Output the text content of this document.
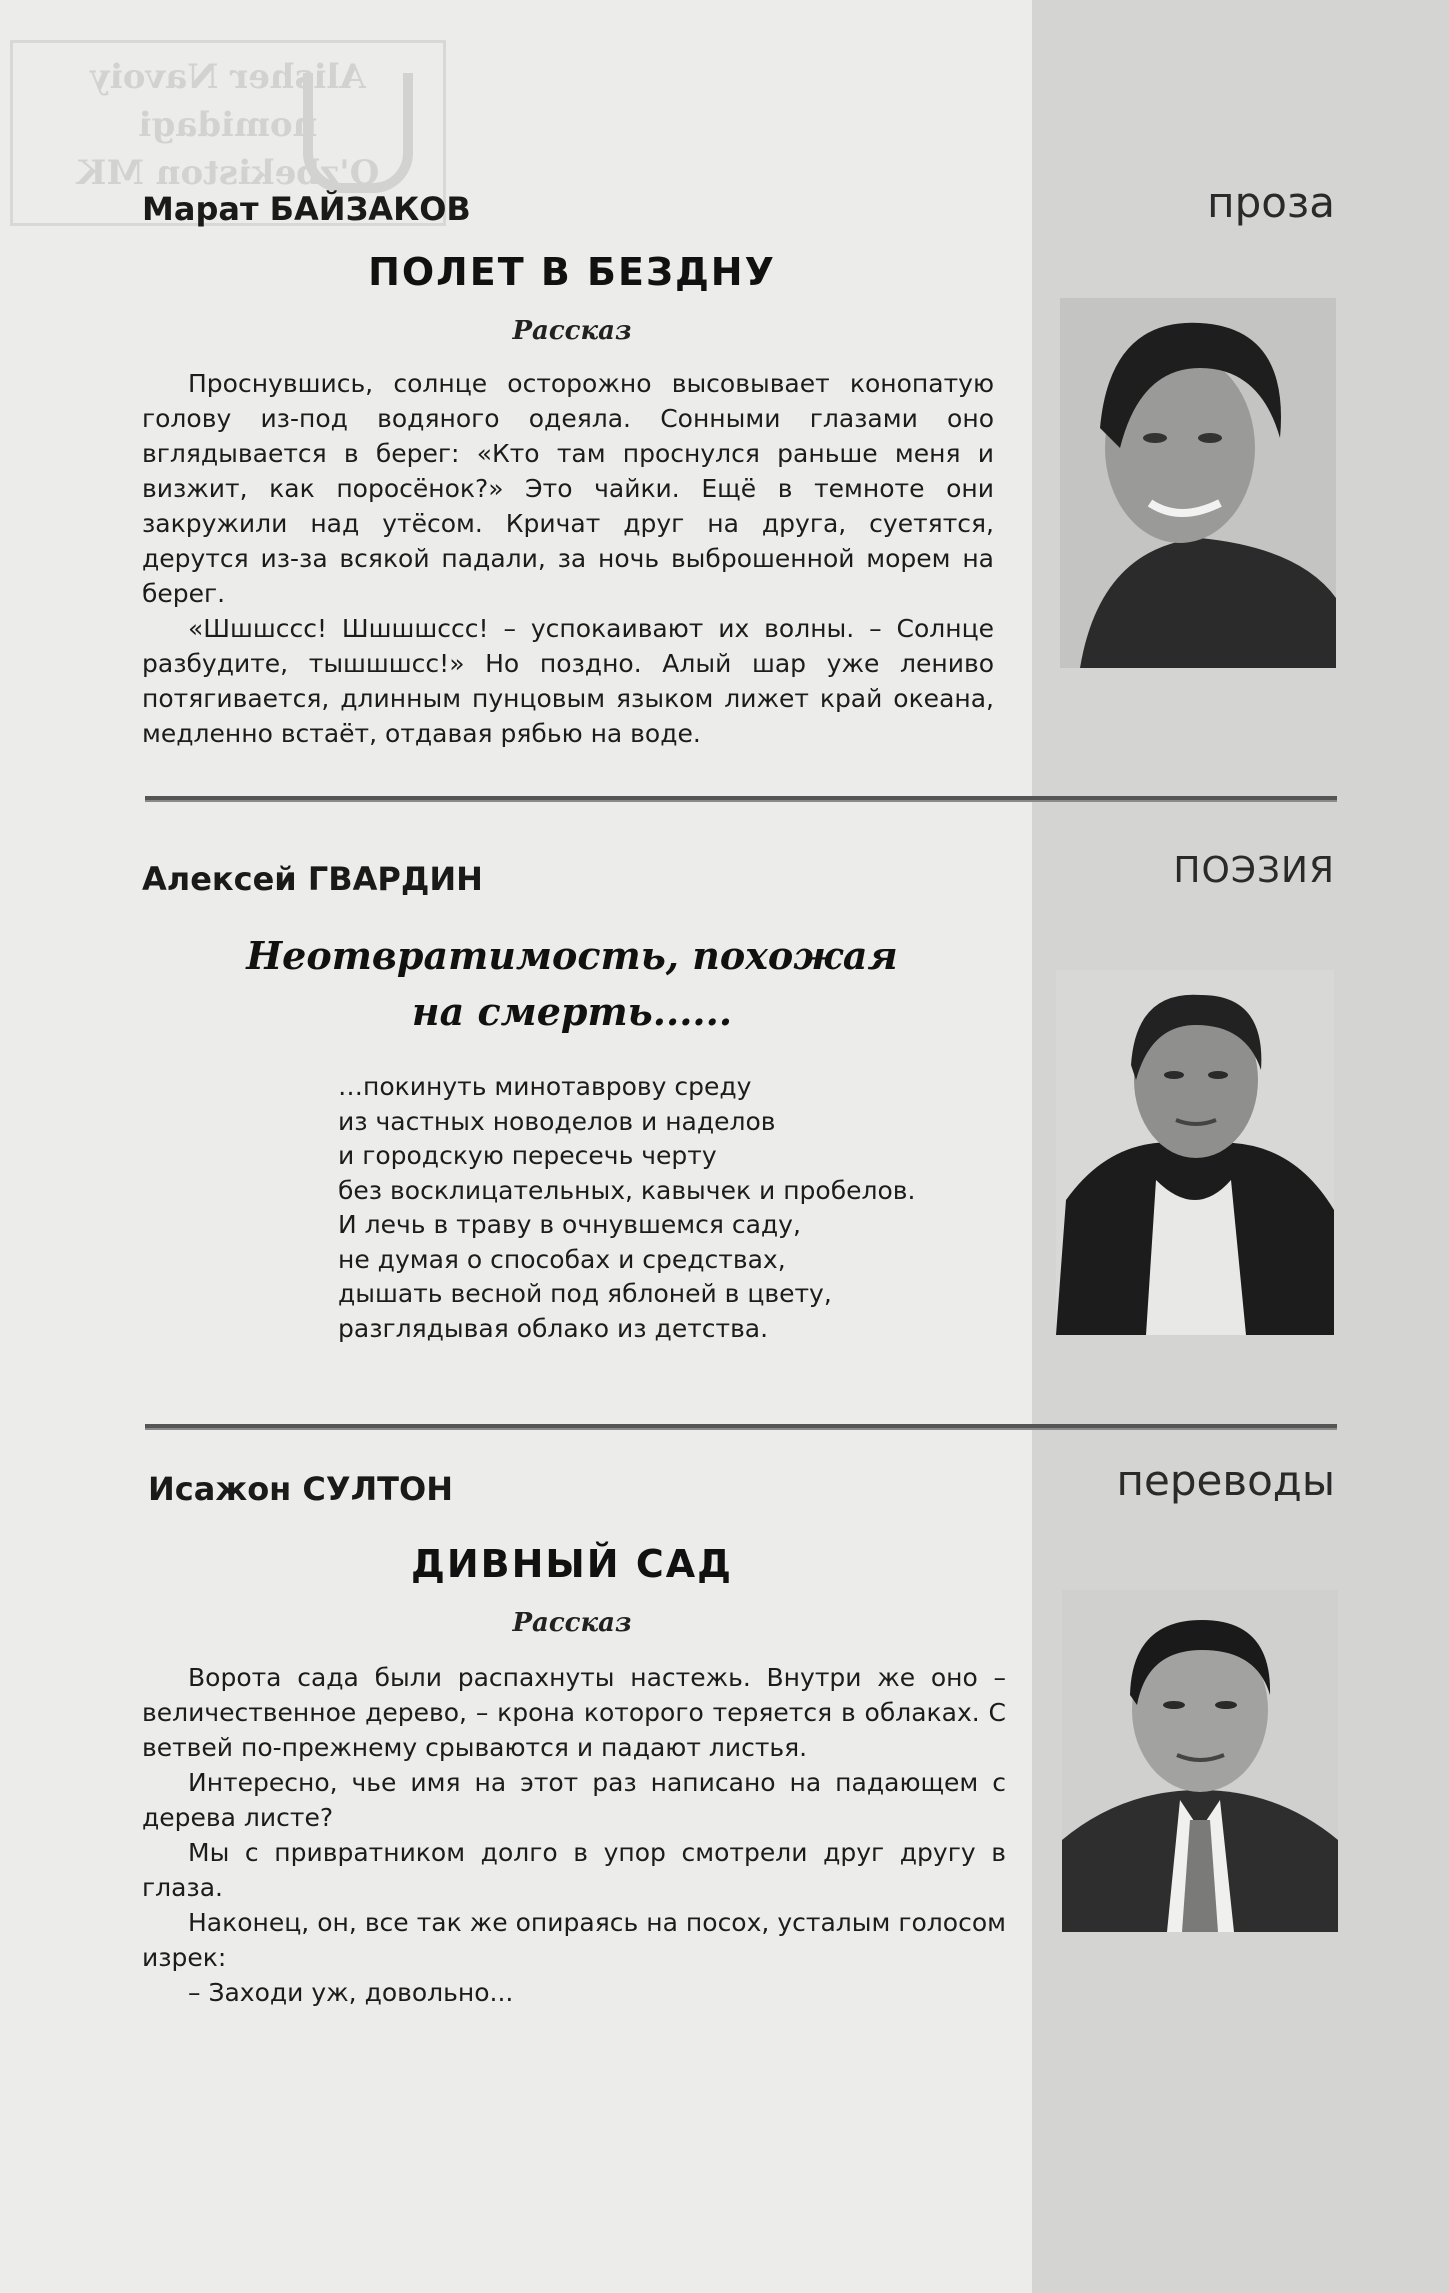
Alisher Navoiy
nomidagi
O'zbekiston MK
Марат БАЙЗАКОВ	проза
ПОЛЕТ В БЕЗДНУ
Рассказ

Проснувшись, солнце осторожно высовывает конопатую голову из-под водяного одеяла. Сонными глазами оно вглядывается в берег: «Кто там проснулся раньше меня и визжит, как поросёнок?» Это чайки. Ещё в темноте они закружили над утёсом. Кричат друг на друга, суетятся, дерутся из-за всякой падали, за ночь выброшенной морем на берег.

«Шшшссс! Шшшшссс! – успокаивают их волны. – Солнце разбудите, тышшшсс!» Но поздно. Алый шар уже лениво потягивается, длинным пунцовым языком лижет край океана, медленно встаёт, отдавая рябью на воде.

Алексей ГВАРДИН	ПОЭЗИЯ
Неотвратимость, похожая
на смерть......
…покинуть минотаврову среду
из частных новоделов и наделов
и городскую пересечь черту
без восклицательных, кавычек и пробелов.
И лечь в траву в очнувшемся саду,
не думая о способах и средствах,
дышать весной под яблоней в цвету,
разглядывая облако из детства.
Исажон СУЛТОН	переводы
ДИВНЫЙ САД
Рассказ

Ворота сада были распахнуты настежь. Внутри же оно – величественное дерево, – крона которого теряется в облаках. С ветвей по-прежнему срываются и падают листья.

Интересно, чье имя на этот раз написано на падающем с дерева листе?

Мы с привратником долго в упор смотрели друг другу в глаза.

Наконец, он, все так же опираясь на посох, усталым голосом изрек:

– Заходи уж, довольно...
